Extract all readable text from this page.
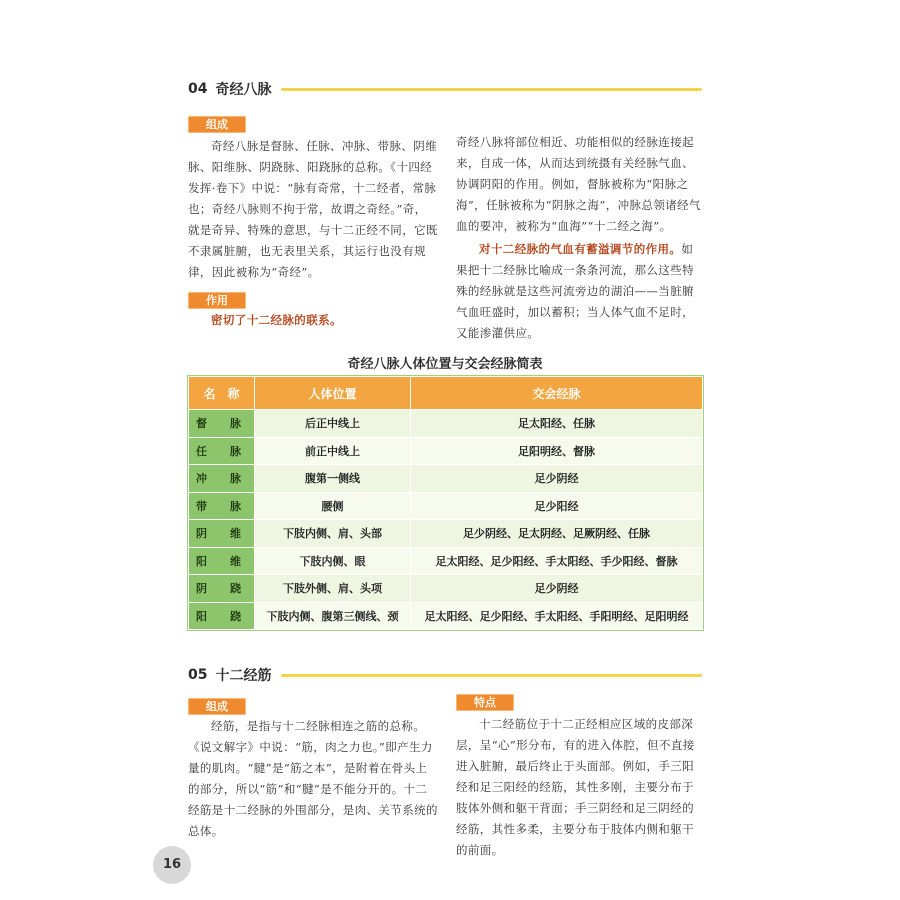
04 奇经八脉
组成

奇经八脉是督脉、任脉、冲脉、带脉、阴维脉、阳维脉、阴跷脉、阳跷脉的总称。《十四经发挥·卷下》中说：“脉有奇常，十二经者，常脉也；奇经八脉则不拘于常，故谓之奇经。”奇，就是奇异、特殊的意思，与十二正经不同，它既不隶属脏腑，也无表里关系，其运行也没有规律，因此被称为“奇经”。

作用

密切了十二经脉的联系。

奇经八脉将部位相近、功能相似的经脉连接起来，自成一体，从而达到统摄有关经脉气血、协调阴阳的作用。例如，督脉被称为“阳脉之海”，任脉被称为“阴脉之海”，冲脉总领诸经气血的要冲，被称为“血海”“十二经之海”。

对十二经脉的气血有蓄溢调节的作用。如果把十二经脉比喻成一条条河流，那么这些特殊的经脉就是这些河流旁边的湖泊——当脏腑气血旺盛时，加以蓄积；当人体气血不足时，又能渗灌供应。

奇经八脉人体位置与交会经脉简表
名　称	人体位置	交会经脉
督　脉	后正中线上	足太阳经、任脉
任　脉	前正中线上	足阳明经、督脉
冲　脉	腹第一侧线	足少阴经
带　脉	腰侧	足少阳经
阴　维	下肢内侧、肩、头部	足少阴经、足太阴经、足厥阴经、任脉
阳　维	下肢内侧、眼	足太阳经、足少阳经、手太阳经、手少阳经、督脉
阴　跷	下肢外侧、肩、头项	足少阴经
阳　跷	下肢内侧、腹第三侧线、颈	足太阳经、足少阳经、手太阳经、手阳明经、足阳明经
05 十二经筋
组成

经筋，是指与十二经脉相连之筋的总称。《说文解字》中说：“筋，肉之力也。”即产生力量的肌肉。“腱”是“筋之本”，是附着在骨头上的部分，所以“筋”和“腱”是不能分开的。十二经筋是十二经脉的外围部分，是肉、关节系统的总体。

特点

十二经筋位于十二正经相应区域的皮部深层，呈“心”形分布，有的进入体腔，但不直接进入脏腑，最后终止于头面部。例如，手三阳经和足三阳经的经筋，其性多刚，主要分布于肢体外侧和躯干背面；手三阴经和足三阴经的经筋，其性多柔，主要分布于肢体内侧和躯干的前面。

16
